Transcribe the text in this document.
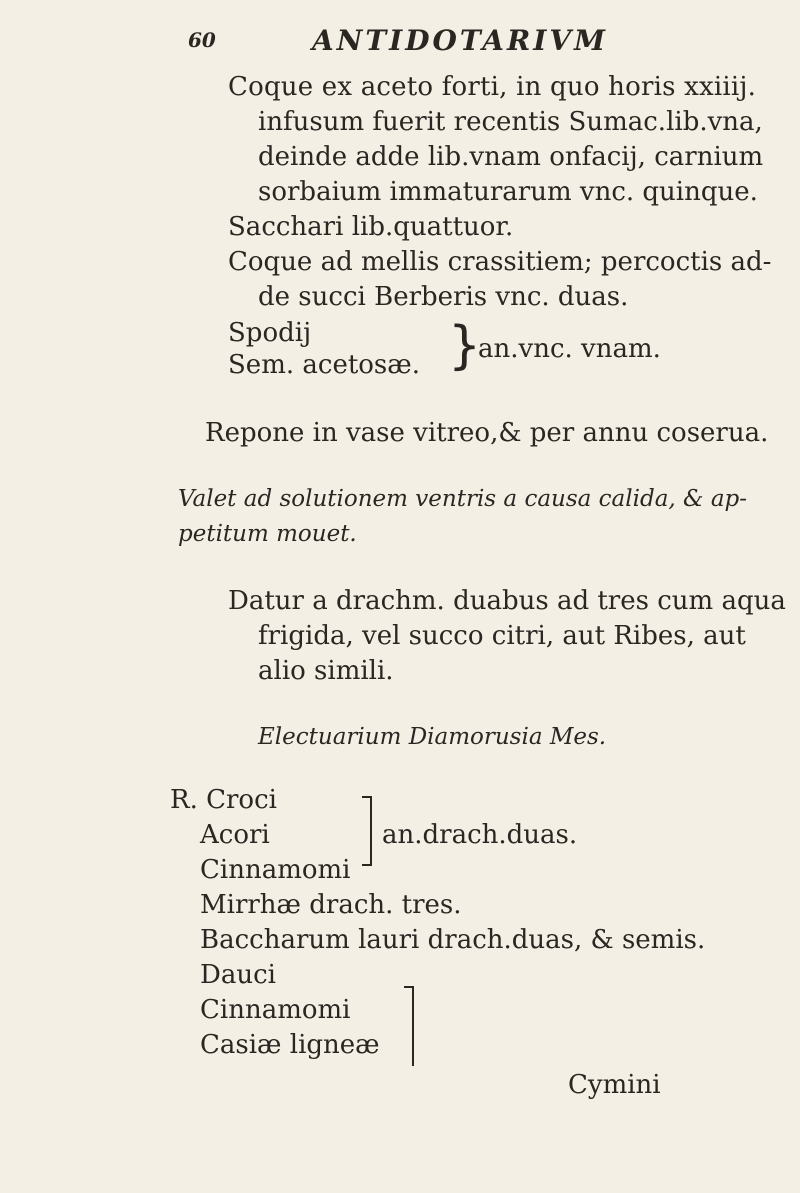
60	ANTIDOTARIVM
Coque ex aceto forti, in quo horis xxiiij.
infusum fuerit recentis Sumac.lib.vna,
deinde adde lib.vnam onfacij, carnium
sorbaium immaturarum vnc. quinque.
Sacchari lib.quattuor.
Coque ad mellis crassitiem; percoctis ad-
de succi Berberis vnc. duas.
Spodij
Sem. acetosæ. }
an.vnc. vnam.
Repone in vase vitreo,& per annu coserua.
Valet ad solutionem ventris a causa calida, & ap-
petitum mouet.
Datur a drachm. duabus ad tres cum aqua
frigida, vel succo citri, aut Ribes, aut
alio simili.
Electuarium Diamorusia Mes.
R. Croci
Acori
Cinnamomi
an.drach.duas.
Mirrhæ drach. tres.
Baccharum lauri drach.duas, & semis.
Dauci
Cinnamomi
Casiæ ligneæ
Cymini
